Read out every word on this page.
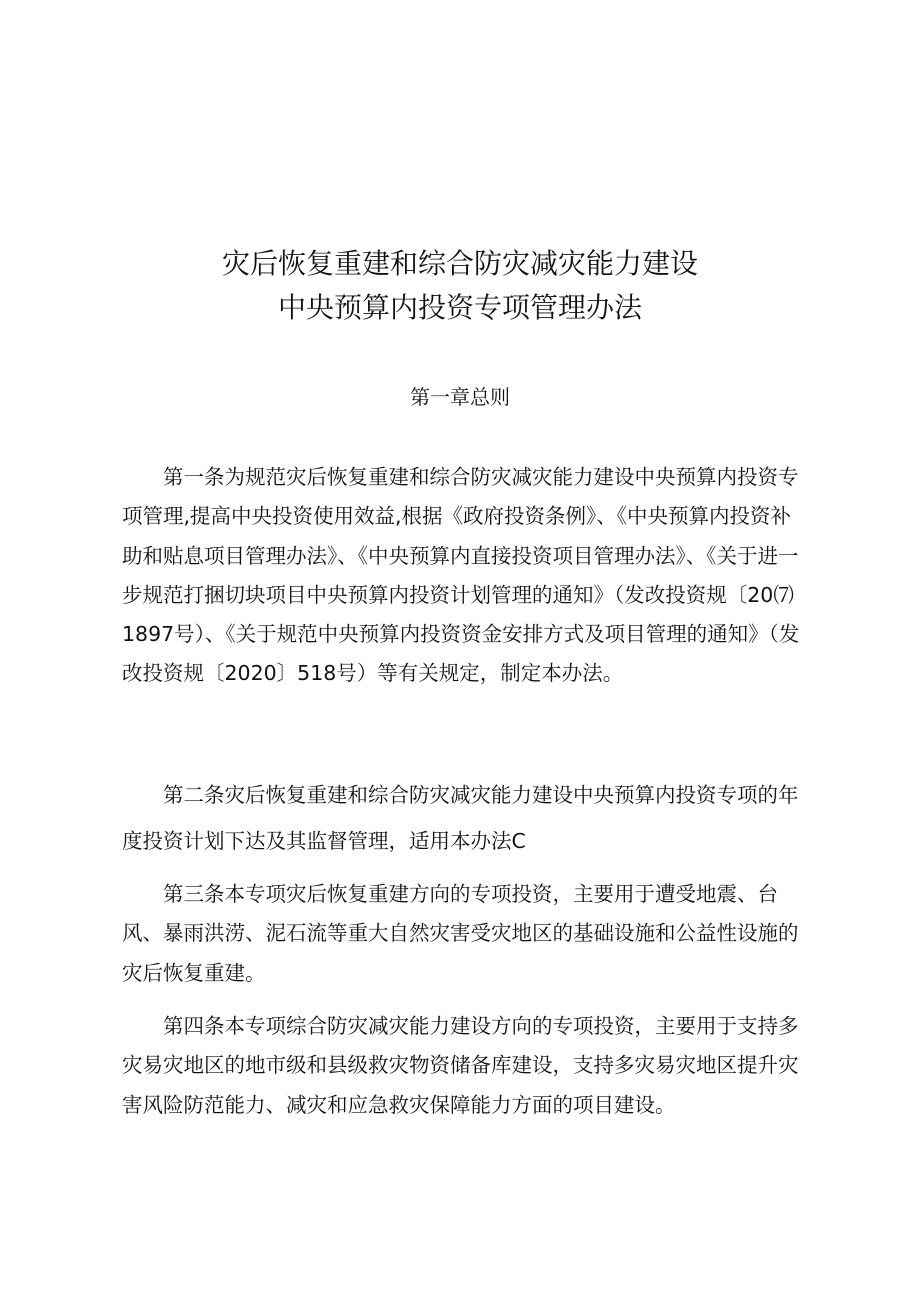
灾后恢复重建和综合防灾减灾能力建设
中央预算内投资专项管理办法
第一章总则

第一条为规范灾后恢复重建和综合防灾减灾能力建设中央预算内投资专项管理,提高中央投资使用效益,根据《政府投资条例》、《中央预算内投资补助和贴息项目管理办法》、《中央预算内直接投资项目管理办法》、《关于进一步规范打捆切块项目中央预算内投资计划管理的通知》（发改投资规〔20⑺1897号）、《关于规范中央预算内投资资金安排方式及项目管理的通知》（发改投资规〔2020〕518号）等有关规定，制定本办法。

第二条灾后恢复重建和综合防灾减灾能力建设中央预算内投资专项的年度投资计划下达及其监督管理，适用本办法C

第三条本专项灾后恢复重建方向的专项投资，主要用于遭受地震、台风、暴雨洪涝、泥石流等重大自然灾害受灾地区的基础设施和公益性设施的灾后恢复重建。

第四条本专项综合防灾减灾能力建设方向的专项投资，主要用于支持多灾易灾地区的地市级和县级救灾物资储备库建设，支持多灾易灾地区提升灾害风险防范能力、减灾和应急救灾保障能力方面的项目建设。
